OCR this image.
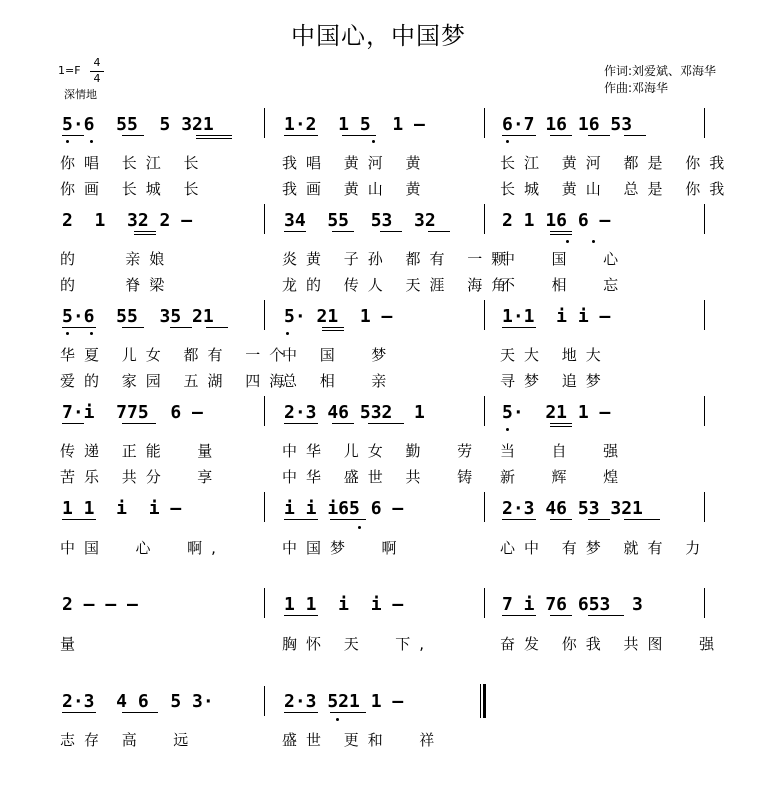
中国心，中国梦
1=F
4
4
深情地
作词:刘爱斌、邓海华
作曲:邓海华
5·6  55  5 321	1·2  1 5  1 –	6·7 16 16 53
你唱 长江 长	我唱 黄河 黄	长江 黄河 都是 你我
你画 长城 长	我画 黄山 黄	长城 黄山 总是 你我
2  1  32 2 –	34  55  53  32	2 1 16 6 –
的   亲娘	炎黄 子孙 都有 一颗
中  国  心
的   脊梁	龙的 传人 天涯 海角
不  相  忘
5·6  55  35 21	5· 21  1 –	1·1  i i –
华夏 儿女 都有 一个
中 国  梦	天大 地大
爱的 家园 五湖 四海
总 相  亲	寻梦 追梦
7·i  775  6 –	2·3 46 532  1	5·  21 1 –
传递 正能  量	中华 儿女 勤  劳 当  自  强
苦乐 共分  享	中华 盛世 共  铸 新  辉  煌
1 1  i  i –	i i i65 6 –	2·3 46 53 321
中国  心  啊,	中国梦  啊	心中 有梦 就有 力
2 – – –	1 1  i  i –	7 i 76 653  3
量	胸怀 天  下,	奋发 你我 共图  强
2·3  4 6  5 3·	2·3 521 1 –
志存 高  远	盛世 更和  祥
